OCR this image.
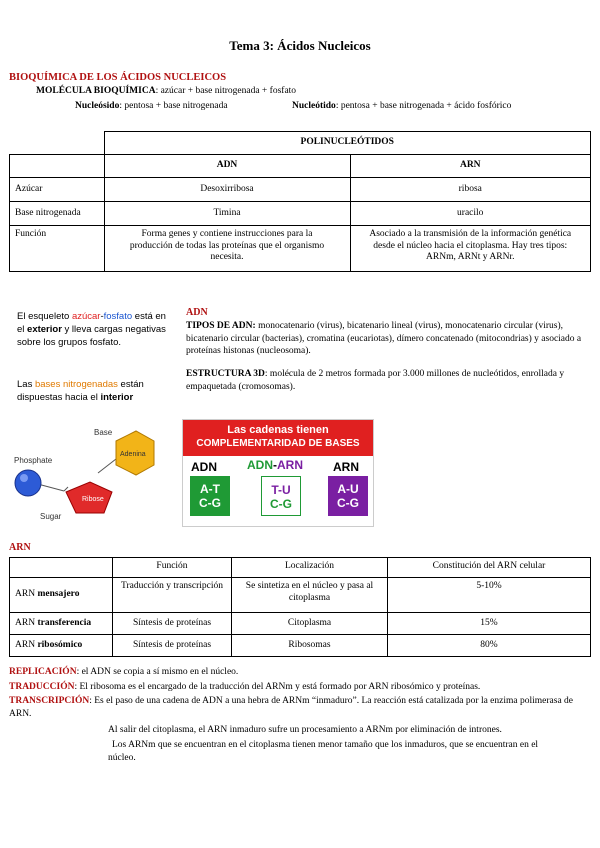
Tema 3: Ácidos Nucleicos
BIOQUÍMICA DE LOS ÁCIDOS NUCLEICOS
MOLÉCULA BIOQUÍMICA: azúcar + base nitrogenada + fosfato
Nucleósido: pentosa + base nitrogenada	Nucleótido: pentosa + base nitrogenada + ácido fosfórico
	POLINUCLEÓTIDOS	
	ADN	ARN
Azúcar	Desoxirribosa	ribosa
Base nitrogenada	Timina	uracilo
Función	Forma genes y contiene instrucciones para la producción de todas las proteínas que el organismo necesita.	Asociado a la transmisión de la información genética desde el núcleo hacia el citoplasma. Hay tres tipos: ARNm, ARNt y ARNr.
El esqueleto azúcar-fosfato está en el exterior y lleva cargas negativas sobre los grupos fosfato.
Las bases nitrogenadas están dispuestas hacia el interior
ADN
TIPOS DE ADN: monocatenario (virus), bicatenario lineal (virus), monocatenario circular (virus), bicatenario circular (bacterias), cromatina (eucariotas), dímero concatenado (mitocondrias) y asociado a proteínas histonas (nucleosoma).
ESTRUCTURA 3D: molécula de 2 metros formada por 3.000 millones de nucleótidos, enrollada y empaquetada (cromosomas).
Base
Adenina
Phosphate
Ribose
Sugar
Las cadenas tienen
COMPLEMENTARIDAD DE BASES
ADN	ADN-ARN	ARN
A-T
C-G
T-U
C-G
A-U
C-G
ARN
	Función	Localización	Constitución del ARN celular
ARN mensajero	Traducción y transcripción	Se sintetiza en el núcleo y pasa al citoplasma	5-10%
ARN transferencia	Síntesis de proteínas	Citoplasma	15%
ARN ribosómico	Síntesis de proteínas	Ribosomas	80%
REPLICACIÓN: el ADN se copia a sí mismo en el núcleo.
TRADUCCIÓN: El ribosoma es el encargado de la traducción del ARNm y está formado por ARN ribosómico y proteínas.
TRANSCRIPCIÓN: Es el paso de una cadena de ADN a una hebra de ARNm “inmaduro”. La reacción está catalizada por la enzima polimerasa de ARN.
Al salir del citoplasma, el ARN inmaduro sufre un procesamiento a ARNm por eliminación de intrones.
Los ARNm que se encuentran en el citoplasma tienen menor tamaño que los inmaduros, que se encuentran en el núcleo.
